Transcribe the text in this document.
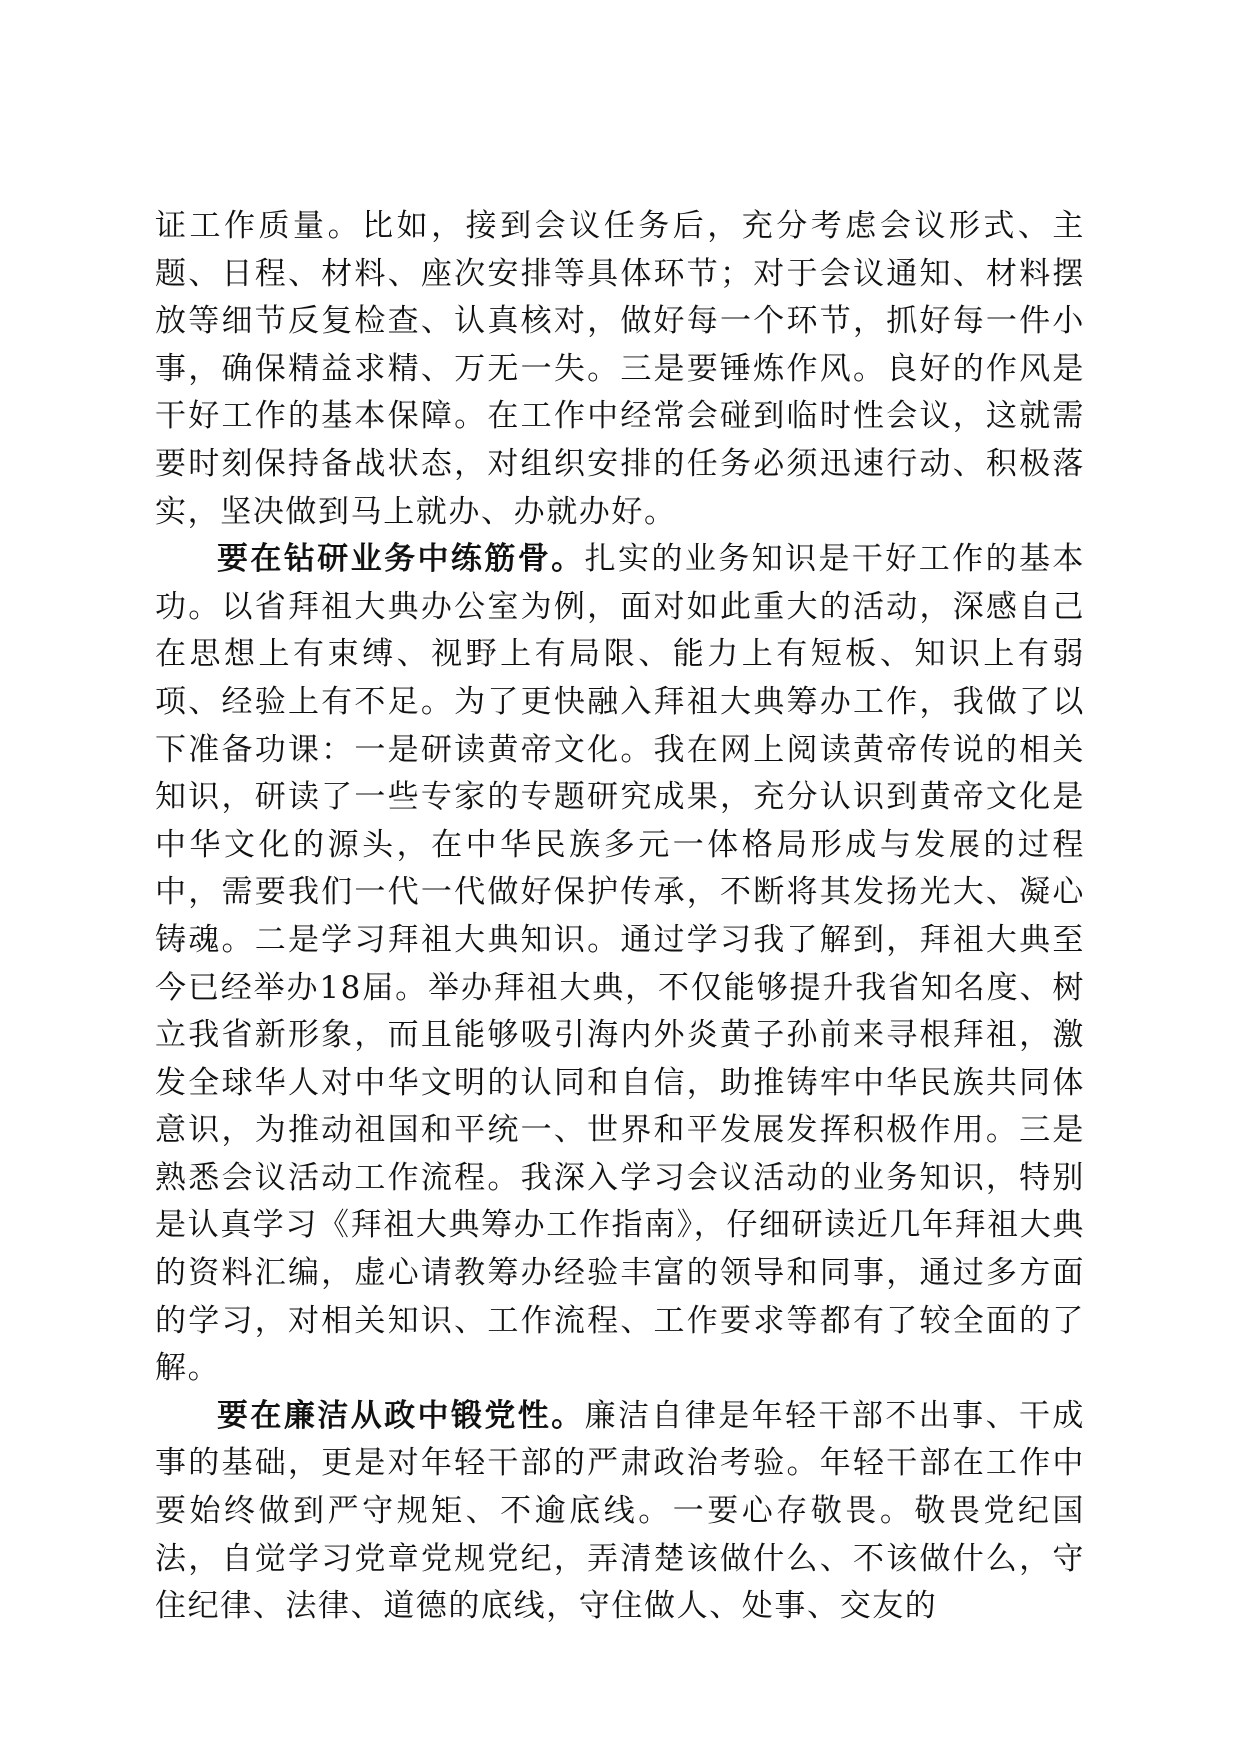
证工作质量。比如，接到会议任务后，充分考虑会议形式、主题、日程、材料、座次安排等具体环节；对于会议通知、材料摆放等细节反复检查、认真核对，做好每一个环节，抓好每一件小事，确保精益求精、万无一失。三是要锤炼作风。良好的作风是干好工作的基本保障。在工作中经常会碰到临时性会议，这就需要时刻保持备战状态，对组织安排的任务必须迅速行动、积极落实，坚决做到马上就办、办就办好。

要在钻研业务中练筋骨。扎实的业务知识是干好工作的基本功。以省拜祖大典办公室为例，面对如此重大的活动，深感自己在思想上有束缚、视野上有局限、能力上有短板、知识上有弱项、经验上有不足。为了更快融入拜祖大典筹办工作，我做了以下准备功课：一是研读黄帝文化。我在网上阅读黄帝传说的相关知识，研读了一些专家的专题研究成果，充分认识到黄帝文化是中华文化的源头，在中华民族多元一体格局形成与发展的过程中，需要我们一代一代做好保护传承，不断将其发扬光大、凝心铸魂。二是学习拜祖大典知识。通过学习我了解到，拜祖大典至今已经举办18届。举办拜祖大典，不仅能够提升我省知名度、树立我省新形象，而且能够吸引海内外炎黄子孙前来寻根拜祖，激发全球华人对中华文明的认同和自信，助推铸牢中华民族共同体意识，为推动祖国和平统一、世界和平发展发挥积极作用。三是熟悉会议活动工作流程。我深入学习会议活动的业务知识，特别是认真学习《拜祖大典筹办工作指南》，仔细研读近几年拜祖大典的资料汇编，虚心请教筹办经验丰富的领导和同事，通过多方面的学习，对相关知识、工作流程、工作要求等都有了较全面的了解。

要在廉洁从政中锻党性。廉洁自律是年轻干部不出事、干成事的基础，更是对年轻干部的严肃政治考验。年轻干部在工作中要始终做到严守规矩、不逾底线。一要心存敬畏。敬畏党纪国法，自觉学习党章党规党纪，弄清楚该做什么、不该做什么，守住纪律、法律、道德的底线，守住做人、处事、交友的
